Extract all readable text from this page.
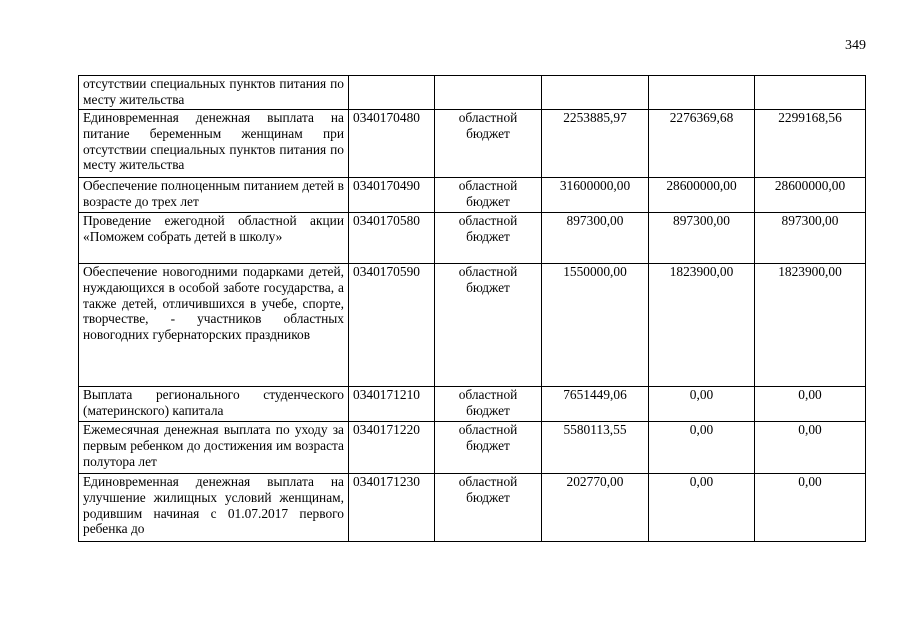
349
отсутствии специальных пунктов питания по месту жительства					

Единовременная денежная выплата на питание беременным женщинам при отсутствии специальных пунктов питания по месту жительства	0340170480	областной бюджет	2253885,97	2276369,68	2299168,56

Обеспечение полноценным питанием детей в возрасте до трех лет	0340170490	областной бюджет	31600000,00	28600000,00	28600000,00

Проведение ежегодной областной акции «Поможем собрать детей в школу»	0340170580	областной бюджет	897300,00	897300,00	897300,00

Обеспечение новогодними подарками детей, нуждающихся в особой заботе государства, а также детей, отличившихся в учебе, спорте, творчестве, - участников областных новогодних губернаторских праздников	0340170590	областной бюджет	1550000,00	1823900,00	1823900,00

Выплата регионального студенческого (материнского) капитала	0340171210	областной бюджет	7651449,06	0,00	0,00

Ежемесячная денежная выплата по уходу за первым ребенком до достижения им возраста полутора лет	0340171220	областной бюджет	5580113,55	0,00	0,00

Единовременная денежная выплата на улучшение жилищных условий женщинам, родившим начиная с 01.07.2017 первого ребенка до	0340171230	областной бюджет	202770,00	0,00	0,00
